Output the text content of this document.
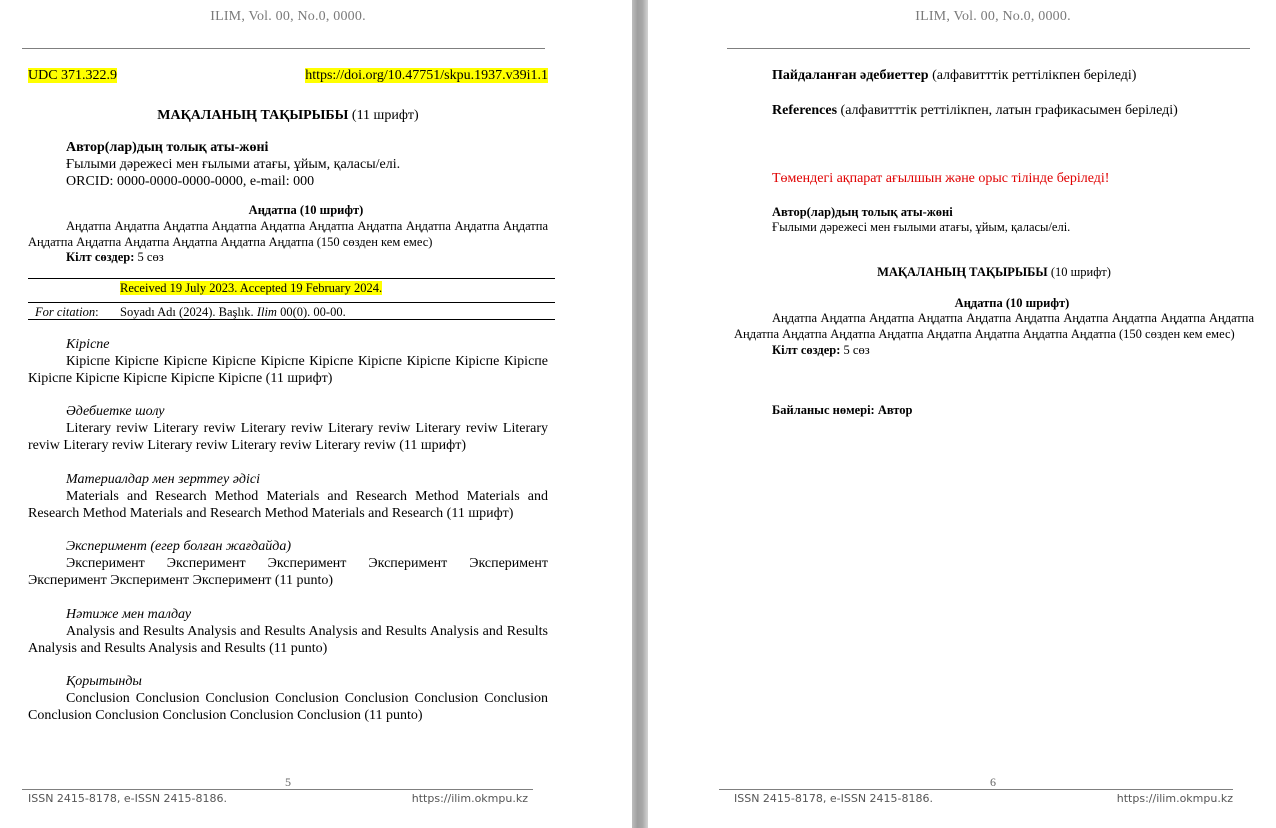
ILIM, Vol. 00, No.0, 0000.
UDC 371.322.9	https://doi.org/10.47751/skpu.1937.v39i1.1
МАҚАЛАНЫҢ ТАҚЫРЫБЫ (11 шрифт)
Автор(лар)дың толық аты-жөні
Ғылыми дәрежесі мен ғылыми атағы, ұйым, қаласы/елі.
ORCID: 0000-0000-0000-0000, e-mail: 000
Аңдатпа (10 шрифт)
Аңдатпа Аңдатпа Аңдатпа Аңдатпа Аңдатпа Аңдатпа Аңдатпа Аңдатпа Аңдатпа Аңдатпа Аңдатпа Аңдатпа Аңдатпа Аңдатпа Аңдатпа Аңдатпа (150 сөзден кем емес)
Кілт сөздер: 5 сөз
Received 19 July 2023. Accepted 19 February 2024.
For citation: Soyadı Adı (2024). Başlık. Ilim 00(0). 00-00.
Кіріспе
Кіріспе Кіріспе Кіріспе Кіріспе Кіріспе Кіріспе Кіріспе Кіріспе Кіріспе Кіріспе Кіріспе Кіріспе Кіріспе Кіріспе Кіріспе (11 шрифт)
Әдебиетке шолу
Literary reviw Literary reviw Literary reviw Literary reviw Literary reviw Literary reviw Literary reviw Literary reviw Literary reviw Literary reviw (11 шрифт)
Материалдар мен зерттеу әдісі
Materials and Research Method Materials and Research Method Materials and Research Method Materials and Research Method Materials and Research (11 шрифт)
Эксперимент (егер болған жағдайда)
Эксперимент Эксперимент Эксперимент Эксперимент Эксперимент Эксперимент Эксперимент Эксперимент (11 punto)
Нәтиже мен талдау
Analysis and Results Analysis and Results Analysis and Results Analysis and Results Analysis and Results Analysis and Results (11 punto)
Қорытынды
Conclusion Conclusion Conclusion Conclusion Conclusion Conclusion Conclusion Conclusion Conclusion Conclusion Conclusion Conclusion (11 punto)
5
ISSN 2415-8178, e-ISSN 2415-8186.	https://ilim.okmpu.kz
ILIM, Vol. 00, No.0, 0000.
Пайдаланған әдебиеттер (алфавитттік реттілікпен беріледі)
References (алфавитттік реттілікпен, латын графикасымен беріледі)
Төмендегі ақпарат ағылшын және орыс тілінде беріледі!
Автор(лар)дың толық аты-жөні
Ғылыми дәрежесі мен ғылыми атағы, ұйым, қаласы/елі.
МАҚАЛАНЫҢ ТАҚЫРЫБЫ (10 шрифт)
Аңдатпа (10 шрифт)
Аңдатпа Аңдатпа Аңдатпа Аңдатпа Аңдатпа Аңдатпа Аңдатпа Аңдатпа Аңдатпа Аңдатпа Аңдатпа Аңдатпа Аңдатпа Аңдатпа Аңдатпа Аңдатпа Аңдатпа Аңдатпа (150 сөзден кем емес)
Кілт сөздер: 5 сөз
Байланыс нөмері: Автор
6
ISSN 2415-8178, e-ISSN 2415-8186.	https://ilim.okmpu.kz
